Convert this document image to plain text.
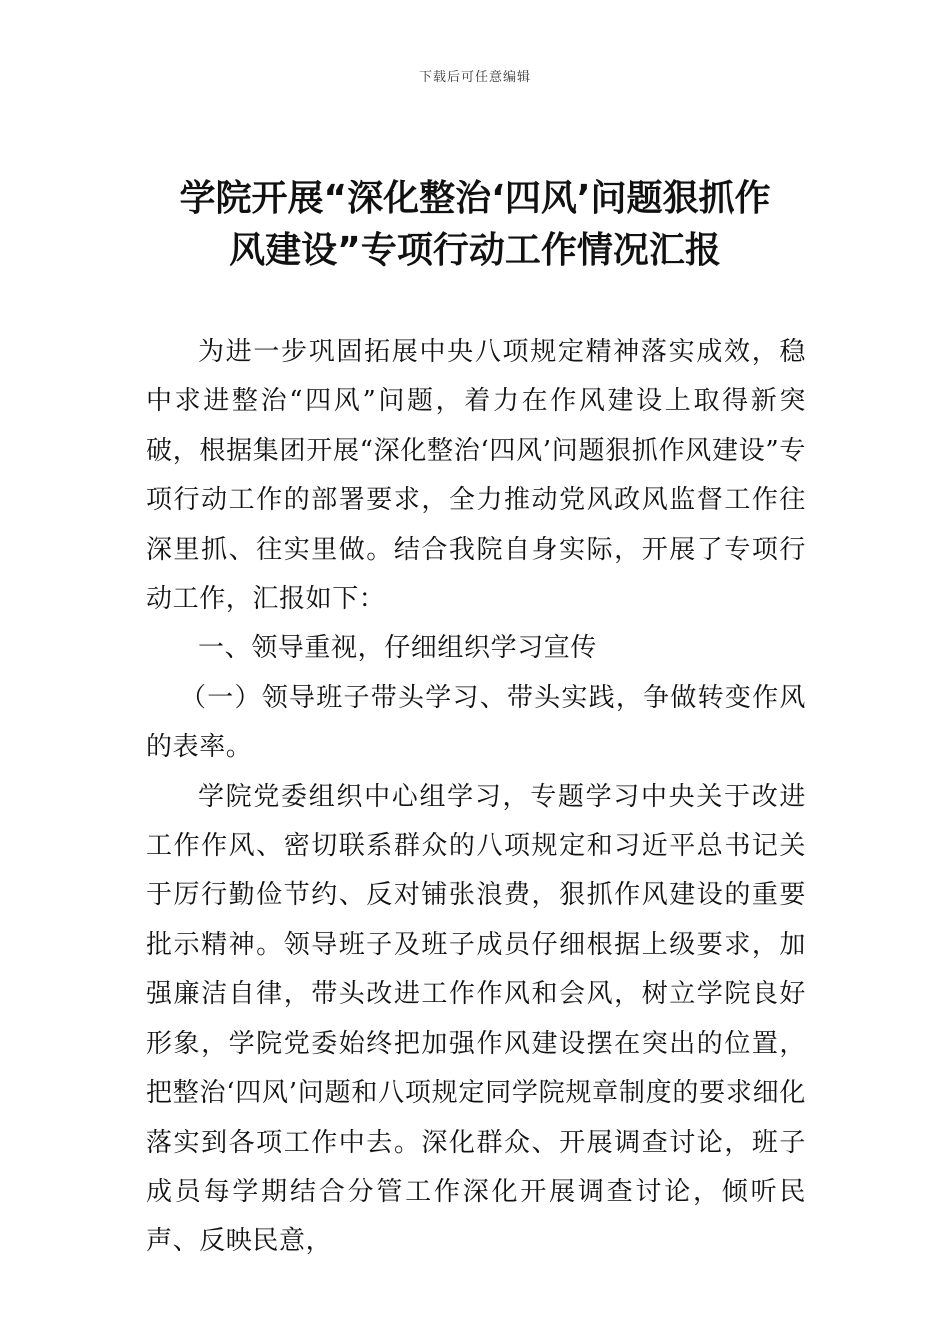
下载后可任意编辑
学院开展“深化整治‘四风’问题狠抓作
风建设”专项行动工作情况汇报

为进一步巩固拓展中央八项规定精神落实成效，稳中求进整治“四风”问题，着力在作风建设上取得新突破，根据集团开展“深化整治‘四风’问题狠抓作风建设”专项行动工作的部署要求，全力推动党风政风监督工作往深里抓、往实里做。结合我院自身实际，开展了专项行动工作，汇报如下：

一、领导重视，仔细组织学习宣传

（一）领导班子带头学习、带头实践，争做转变作风的表率。

学院党委组织中心组学习，专题学习中央关于改进工作作风、密切联系群众的八项规定和习近平总书记关于厉行勤俭节约、反对铺张浪费，狠抓作风建设的重要批示精神。领导班子及班子成员仔细根据上级要求，加强廉洁自律，带头改进工作作风和会风，树立学院良好形象，学院党委始终把加强作风建设摆在突出的位置，把整治‘四风’问题和八项规定同学院规章制度的要求细化落实到各项工作中去。深化群众、开展调查讨论，班子成员每学期结合分管工作深化开展调查讨论，倾听民声、反映民意，
